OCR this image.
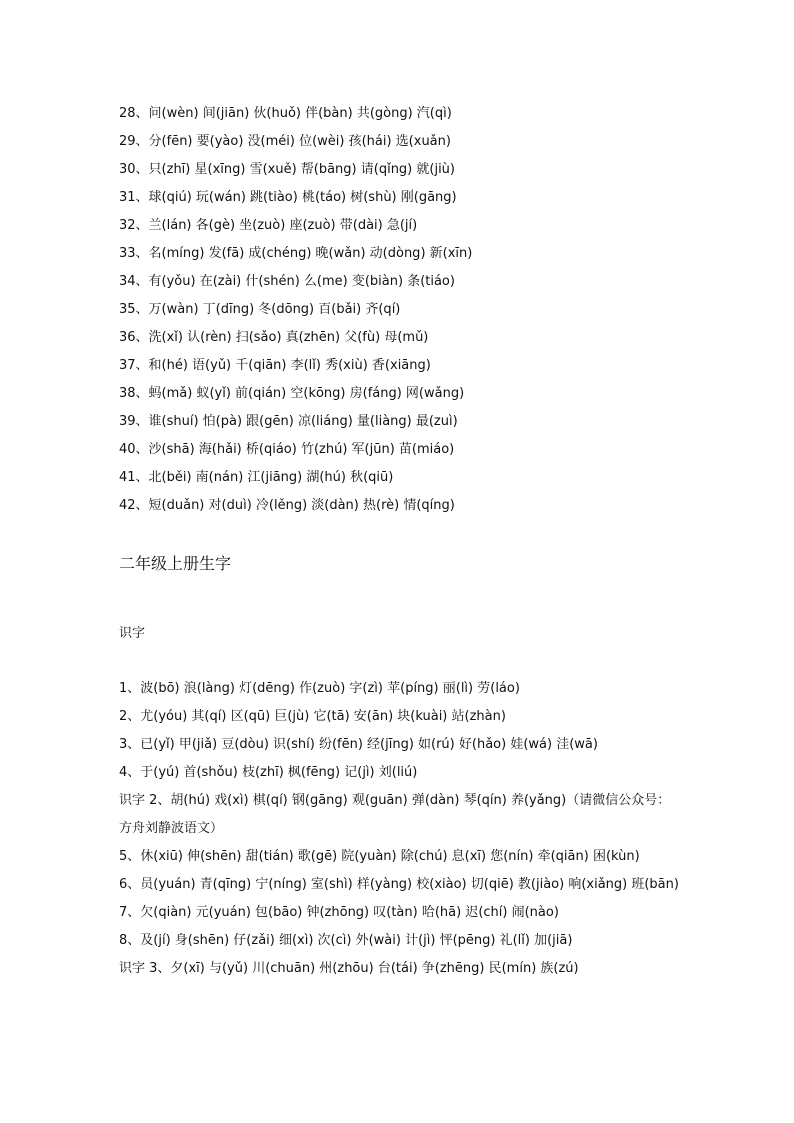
28、问(wèn) 间(jiān) 伙(huǒ) 伴(bàn) 共(gòng) 汽(qì)
29、分(fēn) 要(yào) 没(méi) 位(wèi) 孩(hái) 选(xuǎn)
30、只(zhī) 星(xīng) 雪(xuě) 帮(bāng) 请(qǐng) 就(jiù)
31、球(qiú) 玩(wán) 跳(tiào) 桃(táo) 树(shù) 刚(gāng)
32、兰(lán) 各(gè) 坐(zuò) 座(zuò) 带(dài) 急(jí)
33、名(míng) 发(fā) 成(chéng) 晚(wǎn) 动(dòng) 新(xīn)
34、有(yǒu) 在(zài) 什(shén) 么(me) 变(biàn) 条(tiáo)
35、万(wàn) 丁(dīng) 冬(dōng) 百(bǎi) 齐(qí)
36、洗(xǐ) 认(rèn) 扫(sǎo) 真(zhēn) 父(fù) 母(mǔ)
37、和(hé) 语(yǔ) 千(qiān) 李(lǐ) 秀(xiù) 香(xiāng)
38、蚂(mǎ) 蚁(yǐ) 前(qián) 空(kōng) 房(fáng) 网(wǎng)
39、谁(shuí) 怕(pà) 跟(gēn) 凉(liáng) 量(liàng) 最(zuì)
40、沙(shā) 海(hǎi) 桥(qiáo) 竹(zhú) 军(jūn) 苗(miáo)
41、北(běi) 南(nán) 江(jiāng) 湖(hú) 秋(qiū)
42、短(duǎn) 对(duì) 冷(lěng) 淡(dàn) 热(rè) 情(qíng)
二年级上册生字
识字
1、波(bō) 浪(làng) 灯(dēng) 作(zuò) 字(zì) 苹(píng) 丽(lì) 劳(láo)
2、尤(yóu) 其(qí) 区(qū) 巨(jù) 它(tā) 安(ān) 块(kuài) 站(zhàn)
3、已(yǐ) 甲(jiǎ) 豆(dòu) 识(shí) 纷(fēn) 经(jīng) 如(rú) 好(hǎo) 娃(wá) 洼(wā)
4、于(yú) 首(shǒu) 枝(zhī) 枫(fēng) 记(jì) 刘(liú)
识字 2、胡(hú) 戏(xì) 棋(qí) 钢(gāng) 观(guān) 弹(dàn) 琴(qín) 养(yǎng)（请微信公众号：方舟刘静波语文）
5、休(xiū) 伸(shēn) 甜(tián) 歌(gē) 院(yuàn) 除(chú) 息(xī) 您(nín) 牵(qiān) 困(kùn)
6、员(yuán) 青(qīng) 宁(níng) 室(shì) 样(yàng) 校(xiào) 切(qiē) 教(jiào) 响(xiǎng) 班(bān)
7、欠(qiàn) 元(yuán) 包(bāo) 钟(zhōng) 叹(tàn) 哈(hā) 迟(chí) 闹(nào)
8、及(jí) 身(shēn) 仔(zǎi) 细(xì) 次(cì) 外(wài) 计(jì) 怦(pēng) 礼(lǐ) 加(jiā)
识字 3、夕(xī) 与(yǔ) 川(chuān) 州(zhōu) 台(tái) 争(zhēng) 民(mín) 族(zú)
